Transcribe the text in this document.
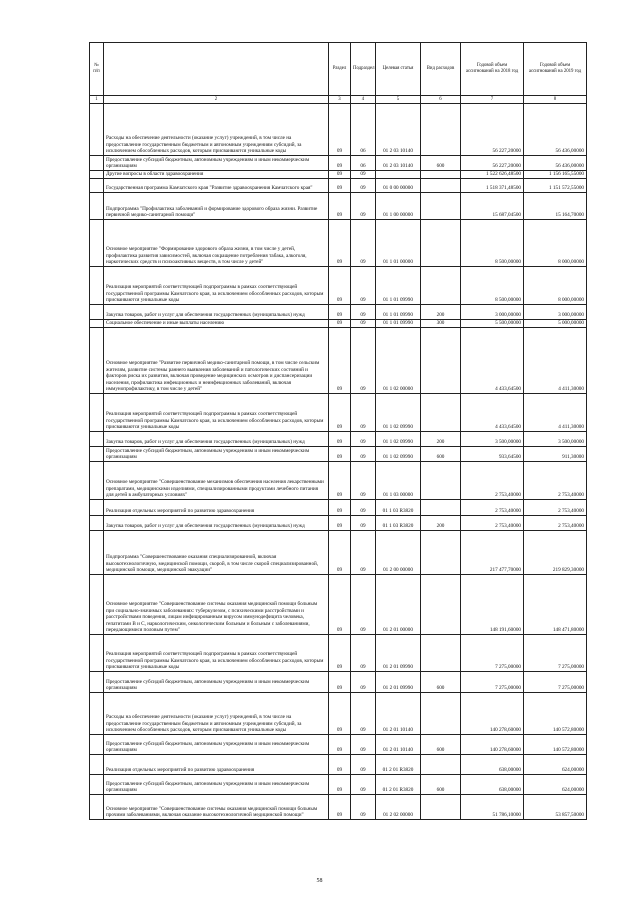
№ п/п		Раздел	Подраздел	Целевая статья	Вид расходов	Годовой объем ассигнований на 2018 год	Годовой объем ассигнований на 2019 год
1	2	3	4	5	6	7	8
	Расходы на обеспечение деятельности (оказание услуг) учреждений, в том числе на предоставление государственным бюджетным и автономным учреждениям субсидий, за исключением обособленных расходов, которым присваиваются уникальные коды	09	06	01 2 03 10140		56 227,20000	56 436,00000
	Предоставление субсидий бюджетным, автономным учреждениям и иным некоммерческим организациям	09	06	01 2 03 10140	600	56 227,20000	56 436,00000
	Другие вопросы в области здравоохранения	09	09			1 522 626,48500	1 156 165,55000
	Государственная программа Камчатского края "Развитие здравоохранения Камчатского края"	09	09	01 0 00 00000		1 518 371,48500	1 151 572,55000
	Подпрограмма "Профилактика заболеваний и формирование здорового образа жизни. Развитие первичной медико-санитарной помощи"	09	09	01 1 00 00000		15 687,04500	15 164,70000
	Основное мероприятие "Формирование здорового образа жизни, в том числе у детей, профилактика развития зависимостей, включая сокращение потребления табака, алкоголя, наркотических средств и психоактивных веществ, в том числе у детей"	09	09	01 1 01 00000		8 500,00000	8 000,00000
	Реализация мероприятий соответствующей подпрограммы в рамках соответствующей государственной программы Камчатского края, за исключением обособленных расходов, которым присваиваются уникальные коды	09	09	01 1 01 09990		8 500,00000	8 000,00000
	Закупка товаров, работ и услуг для обеспечения государственных (муниципальных) нужд	09	09	01 1 01 09990	200	3 000,00000	3 000,00000
	Социальное обеспечение и иные выплаты населению	09	09	01 1 01 09990	300	5 500,00000	5 000,00000
	Основное мероприятие "Развитие первичной медико-санитарной помощи, в том числе сельским жителям, развитие системы раннего выявления заболеваний и патологических состояний и факторов риска их развития, включая проведение медицинских осмотров и диспансеризации населения, профилактика инфекционных и неинфекционных заболеваний, включая иммунопрофилактику, в том числе у детей"	09	09	01 1 02 00000		4 433,64500	4 411,30000
	Реализация мероприятий соответствующей подпрограммы в рамках соответствующей государственной программы Камчатского края, за исключением обособленных расходов, которым присваиваются уникальные коды	09	09	01 1 02 09990		4 433,64500	4 411,30000
	Закупка товаров, работ и услуг для обеспечения государственных (муниципальных) нужд	09	09	01 1 02 09990	200	3 500,00000	3 500,00000
	Предоставление субсидий бюджетным, автономным учреждениям и иным некоммерческим организациям	09	09	01 1 02 09990	600	933,64500	911,30000
	Основное мероприятие "Совершенствование механизмов обеспечения населения лекарственными препаратами, медицинскими изделиями, специализированными продуктами лечебного питания для детей в амбулаторных условиях"	09	09	01 1 03 00000		2 753,40000	2 753,40000
	Реализация отдельных мероприятий по развитию здравоохранения	09	09	01 1 03 R3820		2 753,40000	2 753,40000
	Закупка товаров, работ и услуг для обеспечения государственных (муниципальных) нужд	09	09	01 1 03 R3820	200	2 753,40000	2 753,40000
	Подпрограмма "Совершенствование оказания специализированной, включая высокотехнологичную, медицинской помощи, скорой, в том числе скорой специализированной, медицинской помощи, медицинской эвакуации"	09	09	01 2 00 00000		217 477,70000	219 829,30000
	Основное мероприятие "Совершенствование системы оказания медицинской помощи больным при социально-значимых заболеваниях: туберкулезом, с психическими расстройствами и расстройствами поведения, лицам инфицированным вирусом иммунодефицита человека, гепатитами В и С, наркологическим, онкологическим больным и больным с заболеваниями, передающимися половым путем"	09	09	01 2 01 00000		148 191,60000	148 471,80000
	Реализация мероприятий соответствующей подпрограммы в рамках соответствующей государственной программы Камчатского края, за исключением обособленных расходов, которым присваиваются уникальные коды	09	09	01 2 01 09990		7 275,00000	7 275,00000
	Предоставление субсидий бюджетным, автономным учреждениям и иным некоммерческим организациям	09	09	01 2 01 09990	600	7 275,00000	7 275,00000
	Расходы на обеспечение деятельности (оказание услуг) учреждений, в том числе на предоставление государственным бюджетным и автономным учреждениям субсидий, за исключением обособленных расходов, которым присваиваются уникальные коды	09	09	01 2 01 10140		140 278,60000	140 572,80000
	Предоставление субсидий бюджетным, автономным учреждениям и иным некоммерческим организациям	09	09	01 2 01 10140	600	140 278,60000	140 572,80000
	Реализация отдельных мероприятий по развитию здравоохранения	09	09	01 2 01 R3820		638,00000	624,00000
	Предоставление субсидий бюджетным, автономным учреждениям и иным некоммерческим организациям	09	09	01 2 01 R3820	600	638,00000	624,00000
	Основное мероприятие "Совершенствование системы оказания медицинской помощи больным прочими заболеваниями, включая оказание высокотехнологичной медицинской помощи"	09	09	01 2 02 00000		51 786,10000	53 857,50000
58
